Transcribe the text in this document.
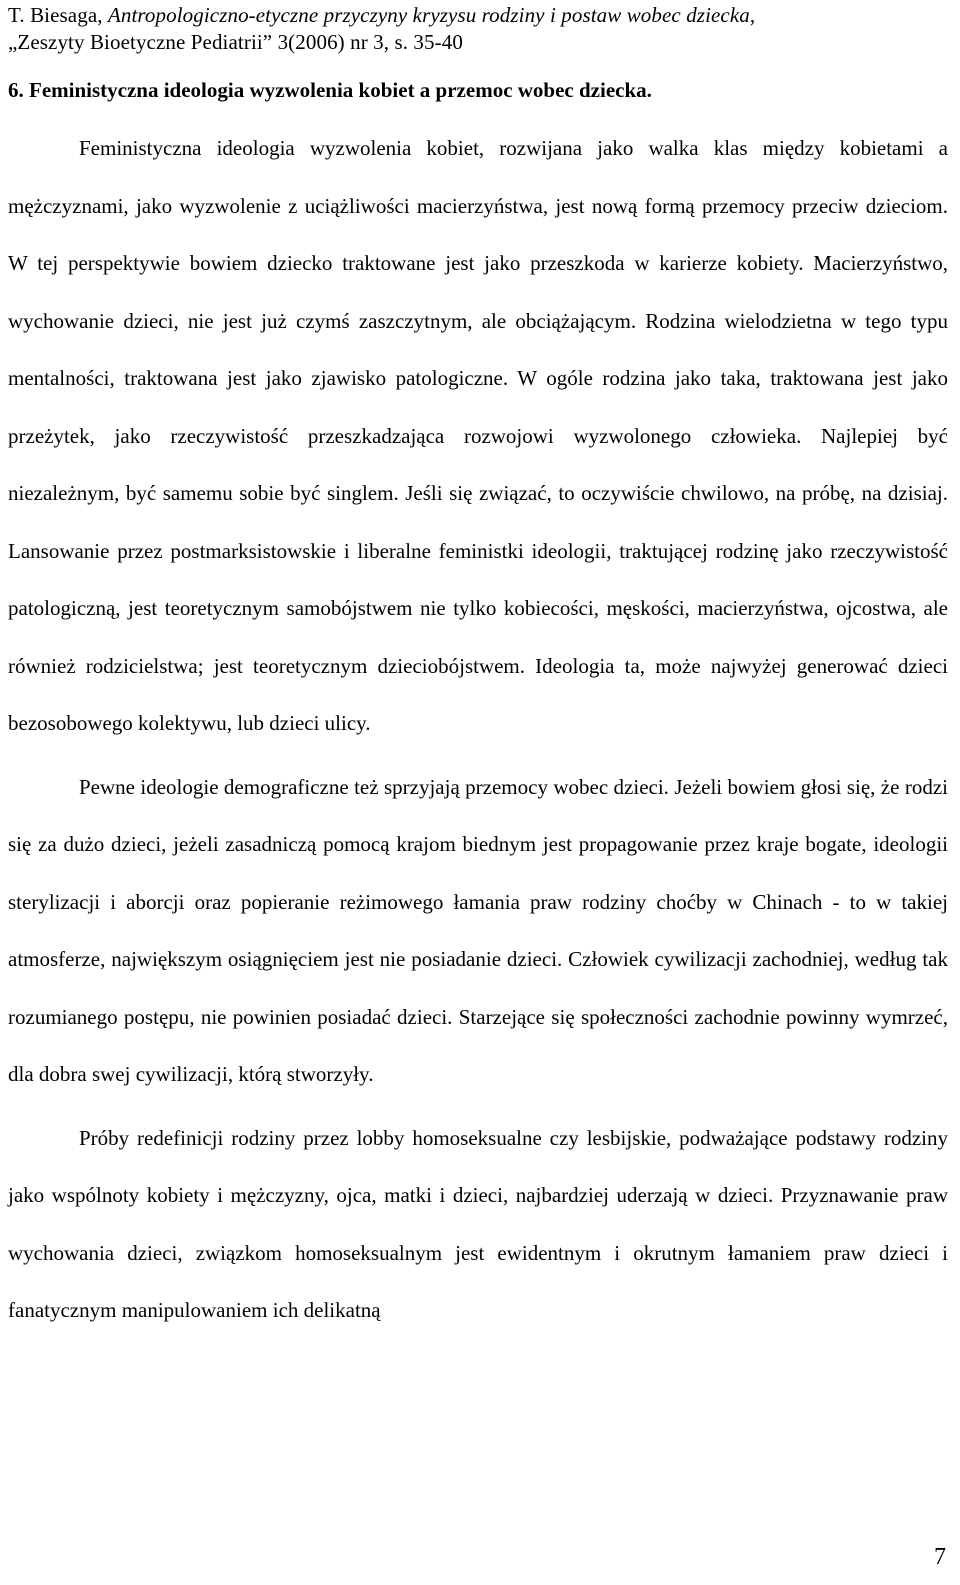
T. Biesaga, Antropologiczno-etyczne przyczyny kryzysu rodziny i postaw wobec dziecka,
„Zeszyty Bioetyczne Pediatrii” 3(2006) nr 3, s. 35-40
6. Feministyczna ideologia wyzwolenia kobiet a przemoc wobec dziecka.

Feministyczna ideologia wyzwolenia kobiet, rozwijana jako walka klas między kobietami a mężczyznami, jako wyzwolenie z uciążliwości macierzyństwa, jest nową formą przemocy przeciw dzieciom. W tej perspektywie bowiem dziecko traktowane jest jako przeszkoda w karierze kobiety. Macierzyństwo, wychowanie dzieci, nie jest już czymś zaszczytnym, ale obciążającym. Rodzina wielodzietna w tego typu mentalności, traktowana jest jako zjawisko patologiczne. W ogóle rodzina jako taka, traktowana jest jako przeżytek, jako rzeczywistość przeszkadzająca rozwojowi wyzwolonego człowieka. Najlepiej być niezależnym, być samemu sobie być singlem. Jeśli się związać, to oczywiście chwilowo, na próbę, na dzisiaj. Lansowanie przez postmarksistowskie i liberalne feministki ideologii, traktującej rodzinę jako rzeczywistość patologiczną, jest teoretycznym samobójstwem nie tylko kobiecości, męskości, macierzyństwa, ojcostwa, ale również rodzicielstwa; jest teoretycznym dzieciobójstwem. Ideologia ta, może najwyżej generować dzieci bezosobowego kolektywu, lub dzieci ulicy.

Pewne ideologie demograficzne też sprzyjają przemocy wobec dzieci. Jeżeli bowiem głosi się, że rodzi się za dużo dzieci, jeżeli zasadniczą pomocą krajom biednym jest propagowanie przez kraje bogate, ideologii sterylizacji i aborcji oraz popieranie reżimowego łamania praw rodziny choćby w Chinach - to w takiej atmosferze, największym osiągnięciem jest nie posiadanie dzieci. Człowiek cywilizacji zachodniej, według tak rozumianego postępu, nie powinien posiadać dzieci. Starzejące się społeczności zachodnie powinny wymrzeć, dla dobra swej cywilizacji, którą stworzyły.

Próby redefinicji rodziny przez lobby homoseksualne czy lesbijskie, podważające podstawy rodziny jako wspólnoty kobiety i mężczyzny, ojca, matki i dzieci, najbardziej uderzają w dzieci. Przyznawanie praw wychowania dzieci, związkom homoseksualnym jest ewidentnym i okrutnym łamaniem praw dzieci i fanatycznym manipulowaniem ich delikatną

7
